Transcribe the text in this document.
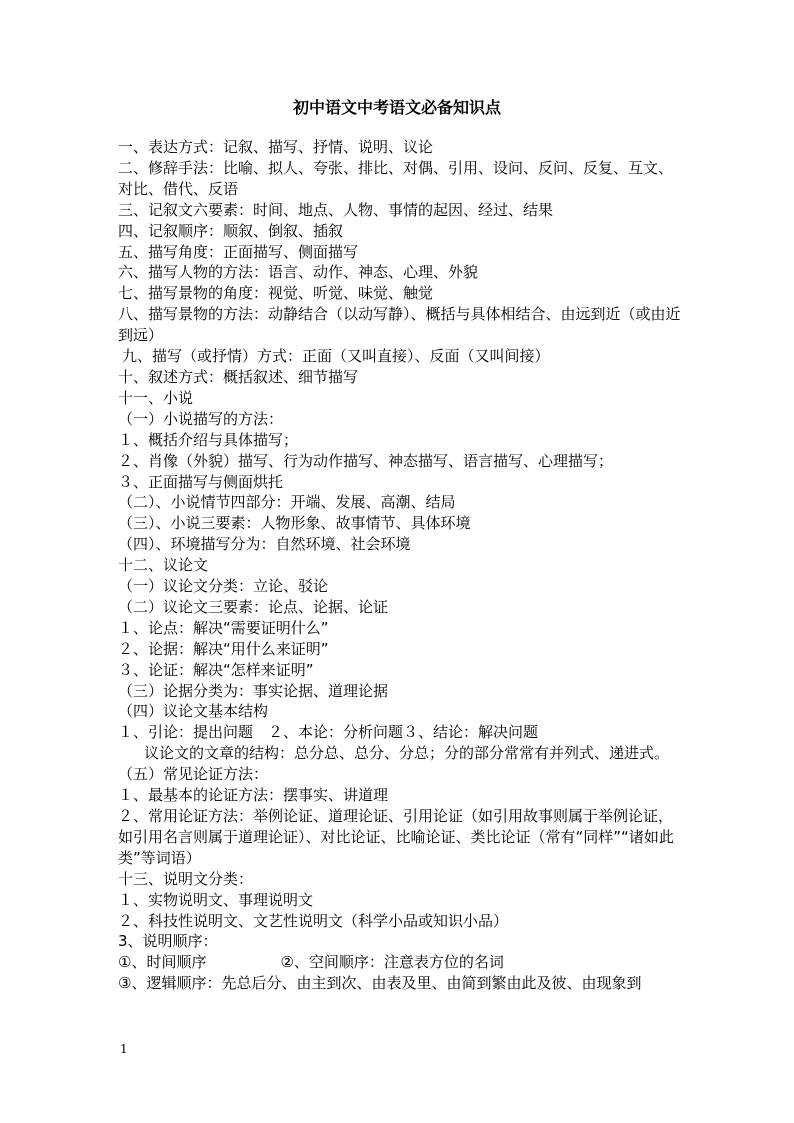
初中语文中考语文必备知识点

一、表达方式：记叙、描写、抒情、说明、议论

二、修辞手法：比喻、拟人、夸张、排比、对偶、引用、设问、反问、反复、互文、对比、借代、反语

三、记叙文六要素：时间、地点、人物、事情的起因、经过、结果

四、记叙顺序：顺叙、倒叙、插叙

五、描写角度：正面描写、侧面描写

六、描写人物的方法：语言、动作、神态、心理、外貌

七、描写景物的角度：视觉、听觉、味觉、触觉

八、描写景物的方法：动静结合（以动写静）、概括与具体相结合、由远到近（或由近到远）

九、描写（或抒情）方式：正面（又叫直接）、反面（又叫间接）

十、叙述方式：概括叙述、细节描写

十一、小说

（一）小说描写的方法：

１、概括介绍与具体描写；

２、肖像（外貌）描写、行为动作描写、神态描写、语言描写、心理描写；

３、正面描写与侧面烘托

（二）、小说情节四部分：开端、发展、高潮、结局

（三）、小说三要素：人物形象、故事情节、具体环境

（四）、环境描写分为：自然环境、社会环境

十二、议论文

（一）议论文分类：立论、驳论

（二）议论文三要素：论点、论据、论证

１、论点：解决“需要证明什么”

２、论据：解决“用什么来证明”

３、论证：解决“怎样来证明”

（三）论据分类为：事实论据、道理论据

（四）议论文基本结构

１、引论：提出问题　２、本论：分析问题３、结论：解决问题

议论文的文章的结构：总分总、总分、分总；分的部分常常有并列式、递进式。

（五）常见论证方法：

１、最基本的论证方法：摆事实、讲道理

２、常用论证方法：举例论证、道理论证、引用论证（如引用故事则属于举例论证，如引用名言则属于道理论证）、对比论证、比喻论证、类比论证（常有“同样”“诸如此类”等词语）

十三、说明文分类：

１、实物说明文、事理说明文

２、科技性说明文、文艺性说明文（科学小品或知识小品）

3、说明顺序：

①、时间顺序	②、空间顺序：注意表方位的名词

③、逻辑顺序：先总后分、由主到次、由表及里、由简到繁由此及彼、由现象到

1
